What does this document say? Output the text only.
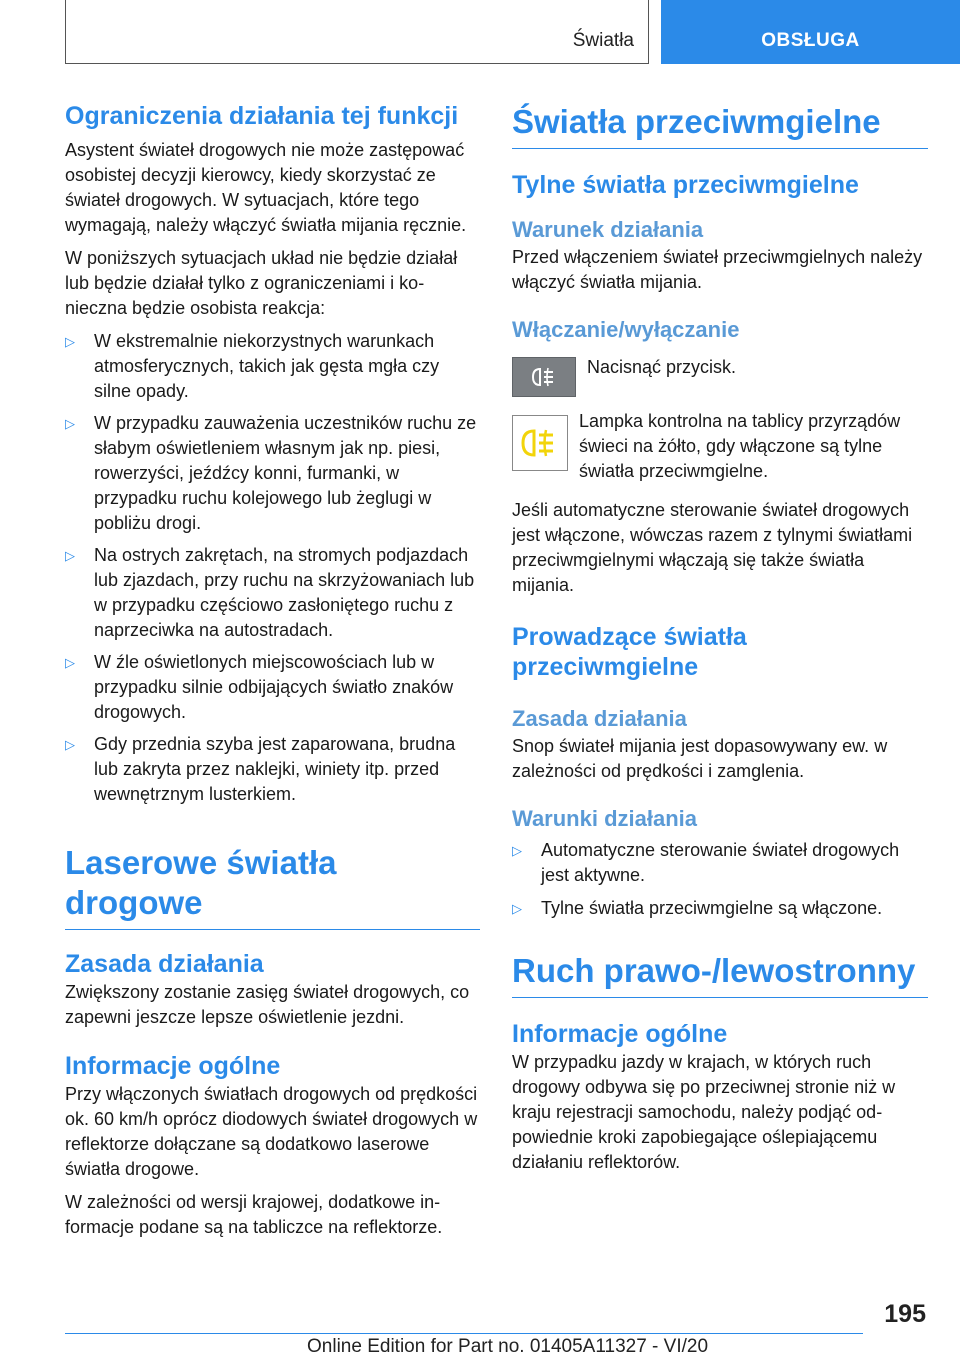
Światła	OBSŁUGA
Ograniczenia działania tej funkcji

Asystent świateł drogowych nie może zastępować osobistej decyzji kierowcy, kiedy skorzystać ze świateł drogowych. W sytuacjach, które tego wymagają, należy włączyć światła mijania ręcznie.

W poniższych sytuacjach układ nie będzie działał lub będzie działał tylko z ograniczeniami i konieczna będzie osobista reakcja:

▷ W ekstremalnie niekorzystnych warunkach atmosferycznych, takich jak gęsta mgła czy silne opady.
▷ W przypadku zauważenia uczestników ruchu ze słabym oświetleniem własnym jak np. piesi, rowerzyści, jeźdźcy konni, furmanki, w przypadku ruchu kolejowego lub żeglugi w pobliżu drogi.
▷ Na ostrych zakrętach, na stromych podjazdach lub zjazdach, przy ruchu na skrzyżowaniach lub w przypadku częściowo zasłoniętego ruchu z naprzeciwka na autostradach.
▷ W źle oświetlonych miejscowościach lub w przypadku silnie odbijających światło znaków drogowych.
▷ Gdy przednia szyba jest zaparowana, brudna lub zakryta przez naklejki, winiety itp. przed wewnętrznym lusterkiem.
Laserowe światła drogowe
Zasada działania

Zwiększony zostanie zasięg świateł drogowych, co zapewni jeszcze lepsze oświetlenie jezdni.

Informacje ogólne

Przy włączonych światłach drogowych od prędkości ok. 60 km/h oprócz diodowych świateł drogowych w reflektorze dołączane są dodatkowo laserowe światła drogowe.

W zależności od wersji krajowej, dodatkowe informacje podane są na tabliczce na reflektorze.

Światła przeciwmgielne
Tylne światła przeciwmgielne
Warunek działania

Przed włączeniem świateł przeciwmgielnych należy włączyć światła mijania.

Włączanie/wyłączanie

Nacisnąć przycisk.

Lampka kontrolna na tablicy przyrządów świeci na żółto, gdy włączone są tylne światła przeciwmgielne.

Jeśli automatyczne sterowanie świateł drogowych jest włączone, wówczas razem z tylnymi światłami przeciwmgielnymi włączają się także światła mijania.

Prowadzące światła przeciwmgielne
Zasada działania

Snop świateł mijania jest dopasowywany ew. w zależności od prędkości i zamglenia.

Warunki działania
▷ Automatyczne sterowanie świateł drogowych jest aktywne.
▷ Tylne światła przeciwmgielne są włączone.
Ruch prawo-/lewostronny
Informacje ogólne

W przypadku jazdy w krajach, w których ruch drogowy odbywa się po przeciwnej stronie niż w kraju rejestracji samochodu, należy podjąć odpowiednie kroki zapobiegające oślepiającemu działaniu reflektorów.

195
Online Edition for Part no. 01405A11327 - VI/20
